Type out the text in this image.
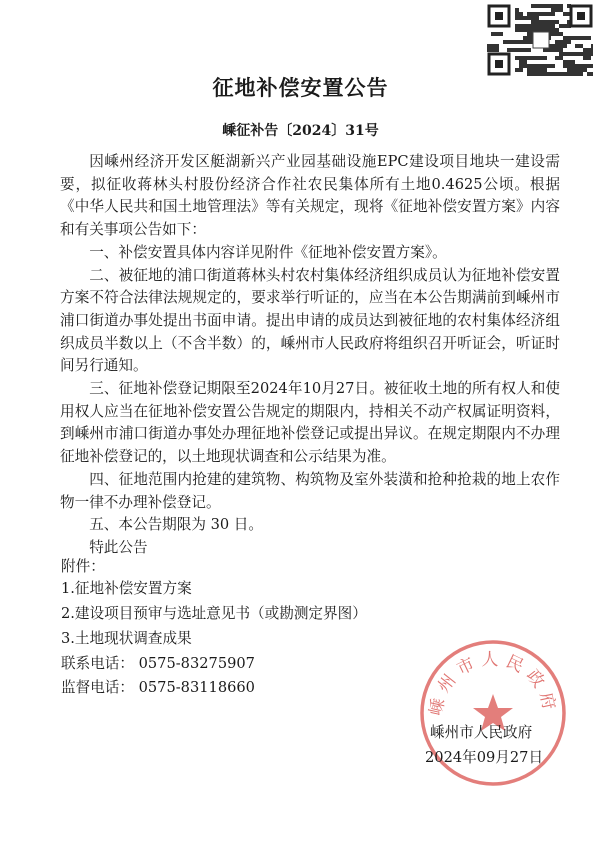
征地补偿安置公告
嵊征补告〔2024〕31号

因嵊州经济开发区艇湖新兴产业园基础设施EPC建设项目地块一建设需要，拟征收蒋林头村股份经济合作社农民集体所有土地0.4625公顷。根据《中华人民共和国土地管理法》等有关规定，现将《征地补偿安置方案》内容和有关事项公告如下：

一、补偿安置具体内容详见附件《征地补偿安置方案》。

二、被征地的浦口街道蒋林头村农村集体经济组织成员认为征地补偿安置方案不符合法律法规规定的，要求举行听证的，应当在本公告期满前到嵊州市浦口街道办事处提出书面申请。提出申请的成员达到被征地的农村集体经济组织成员半数以上（不含半数）的，嵊州市人民政府将组织召开听证会，听证时间另行通知。

三、征地补偿登记期限至2024年10月27日。被征收土地的所有权人和使用权人应当在征地补偿安置公告规定的期限内，持相关不动产权属证明资料，到嵊州市浦口街道办事处办理征地补偿登记或提出异议。在规定期限内不办理征地补偿登记的，以土地现状调查和公示结果为准。

四、征地范围内抢建的建筑物、构筑物及室外装潢和抢种抢栽的地上农作物一律不办理补偿登记。

五、本公告期限为 30 日。

特此公告

附件：
1.征地补偿安置方案
2.建设项目预审与选址意见书（或勘测定界图）
3.土地现状调查成果
联系电话： 0575-83275907
监督电话： 0575-83118660
嵊州市人民政府
嵊州市人民政府
2024年09月27日
